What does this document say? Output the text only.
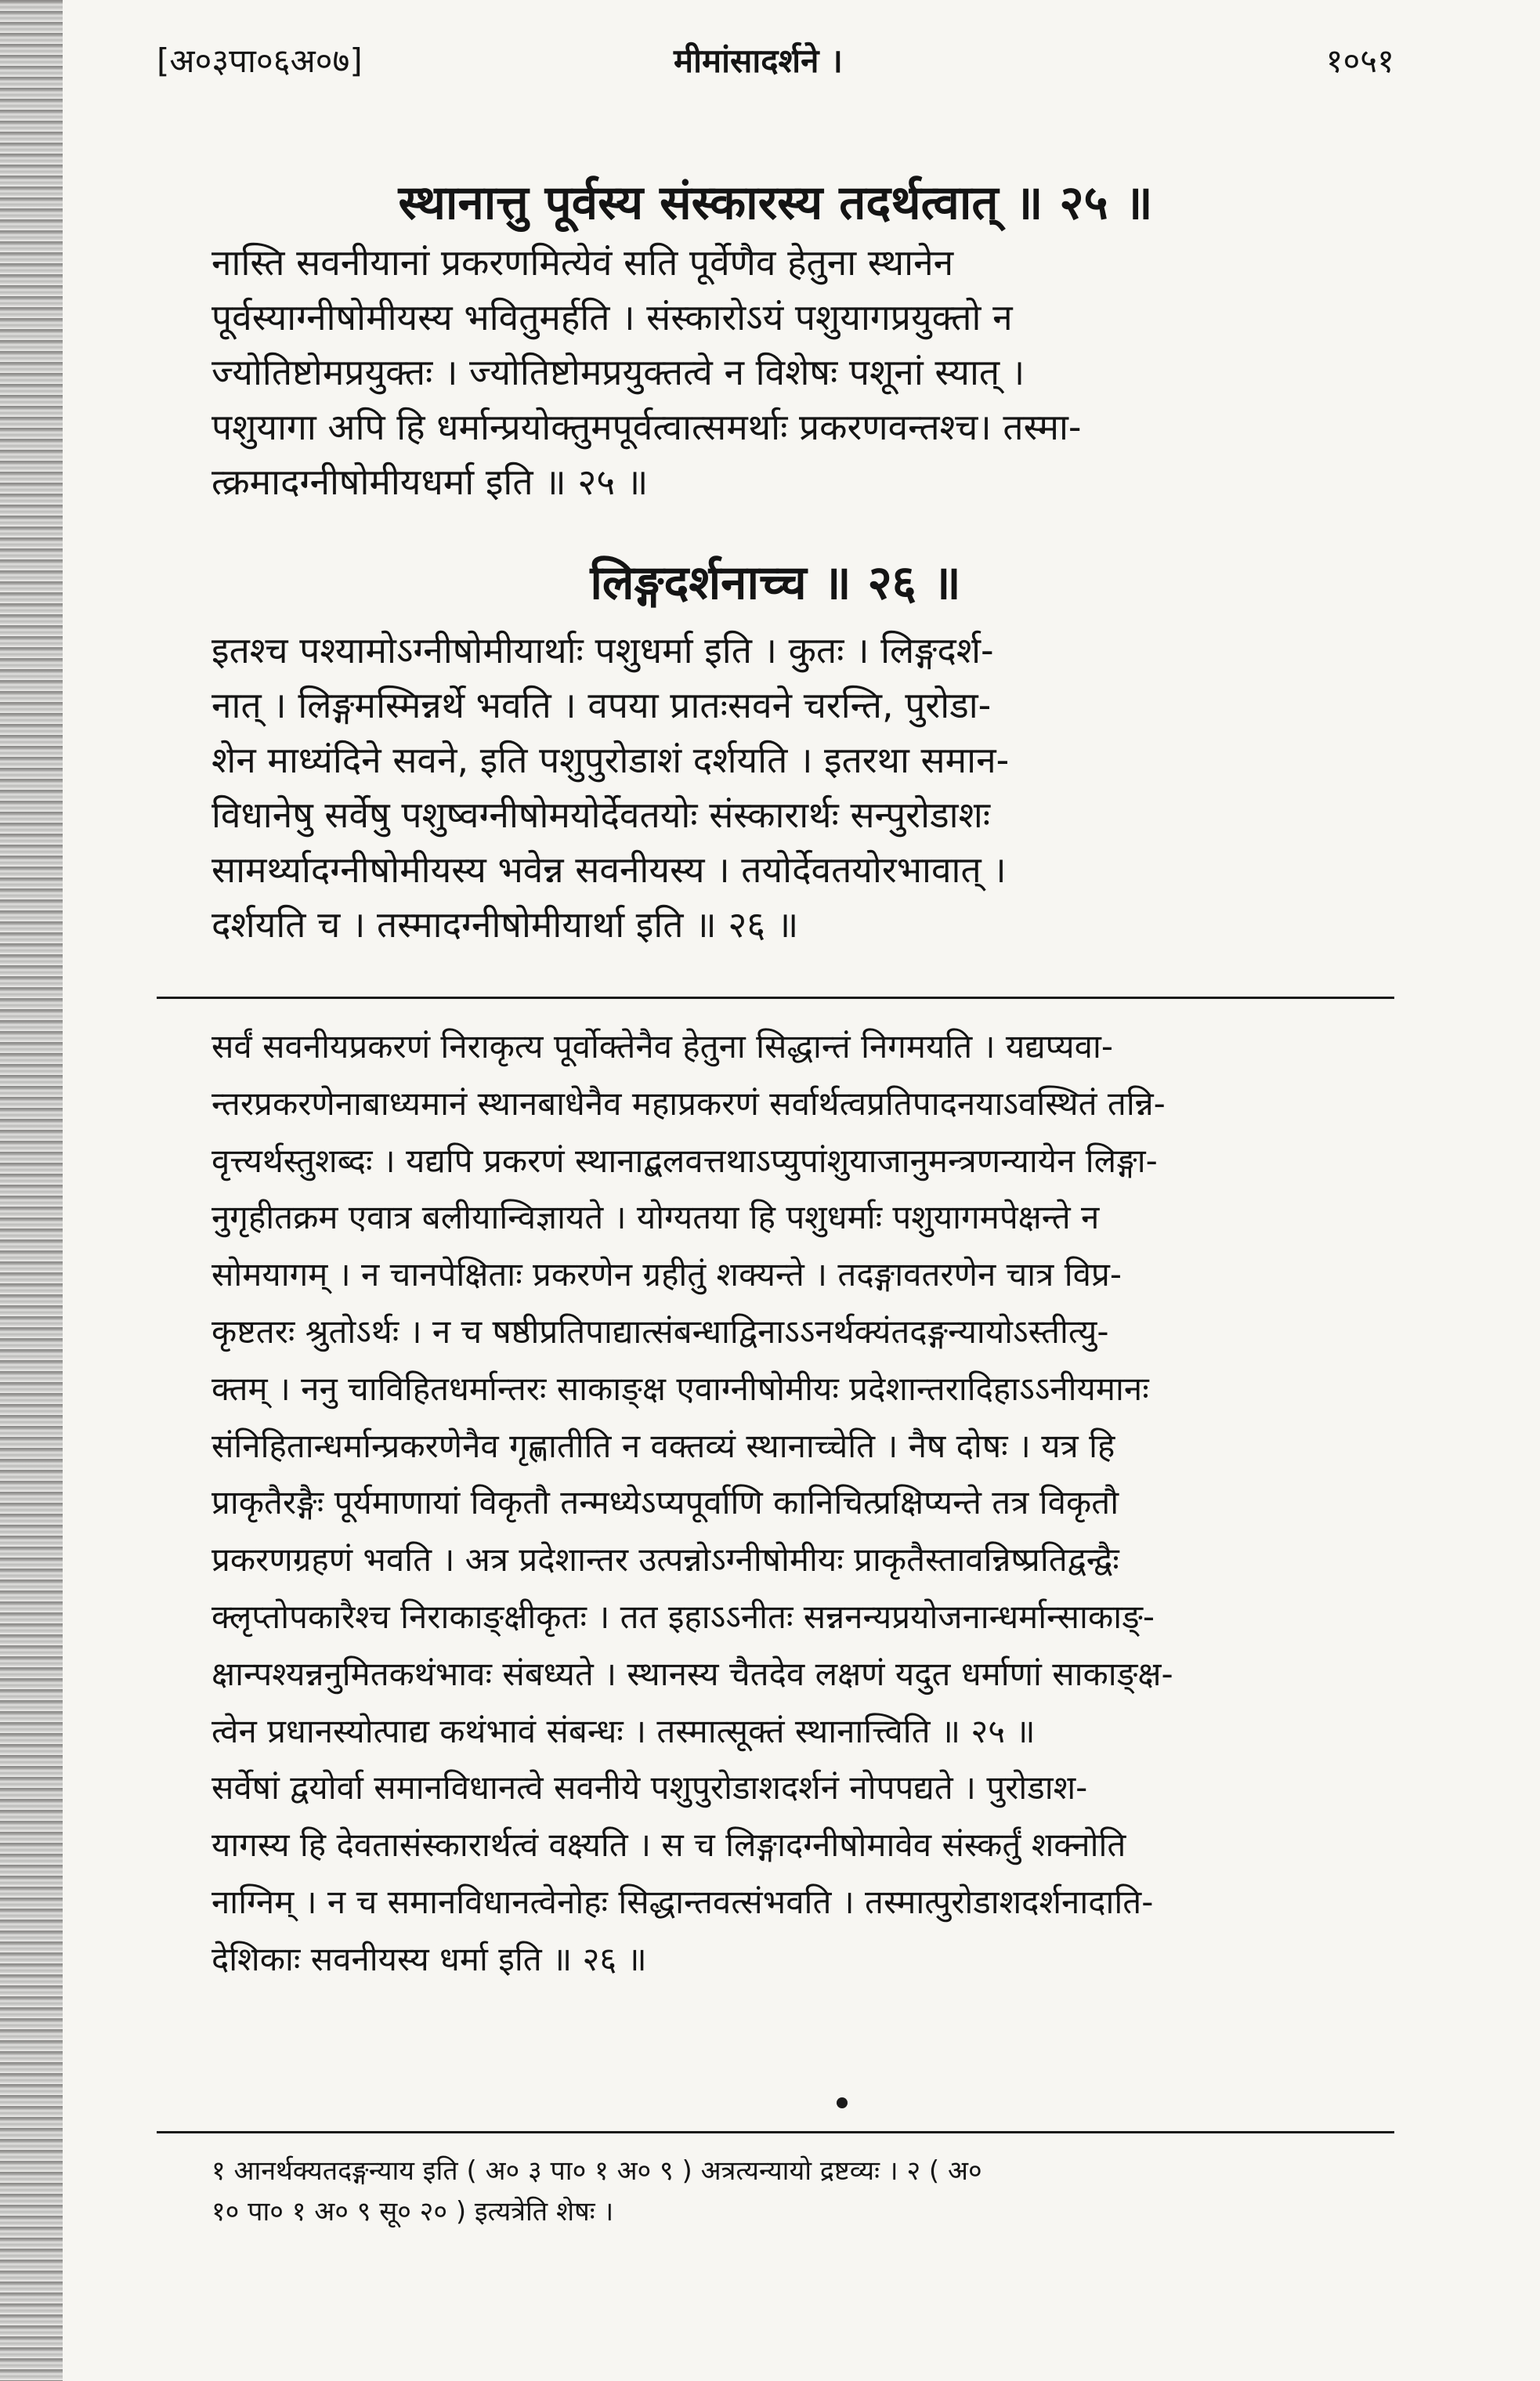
[अ०३पा०६अ०७]	मीमांसादर्शने ।	१०५१
स्थानात्तु पूर्वस्य संस्कारस्य तदर्थत्वात् ॥ २५ ॥
नास्ति सवनीयानां प्रकरणमित्येवं सति पूर्वेणैव हेतुना स्थानेन
पूर्वस्याग्नीषोमीयस्य भवितुमर्हति । संस्कारोऽयं पशुयागप्रयुक्तो न
ज्योतिष्टोमप्रयुक्तः । ज्योतिष्टोमप्रयुक्तत्वे न विशेषः पशूनां स्यात् ।
पशुयागा अपि हि धर्मान्प्रयोक्तुमपूर्वत्वात्समर्थाः प्रकरणवन्तश्च। तस्मा-
त्क्रमादग्नीषोमीयधर्मा इति ॥ २५ ॥
लिङ्गदर्शनाच्च ॥ २६ ॥
इतश्च पश्यामोऽग्नीषोमीयार्थाः पशुधर्मा इति । कुतः । लिङ्गदर्श-
नात् । लिङ्गमस्मिन्नर्थे भवति । वपया प्रातःसवने चरन्ति, पुरोडा-
शेन माध्यंदिने सवने, इति पशुपुरोडाशं दर्शयति । इतरथा समान-
विधानेषु सर्वेषु पशुष्वग्नीषोमयोर्देवतयोः संस्कारार्थः सन्पुरोडाशः
सामर्थ्यादग्नीषोमीयस्य भवेन्न सवनीयस्य । तयोर्देवतयोरभावात् ।
दर्शयति च । तस्मादग्नीषोमीयार्था इति ॥ २६ ॥
सर्वं सवनीयप्रकरणं निराकृत्य पूर्वोक्तेनैव हेतुना सिद्धान्तं निगमयति । यद्यप्यवा-
न्तरप्रकरणेनाबाध्यमानं स्थानबाधेनैव महाप्रकरणं सर्वार्थत्वप्रतिपादनयाऽवस्थितं तन्नि-
वृत्त्यर्थस्तुशब्दः । यद्यपि प्रकरणं स्थानाद्बलवत्तथाऽप्युपांशुयाजानुमन्त्रणन्यायेन लिङ्गा-
नुगृहीतक्रम एवात्र बलीयान्विज्ञायते । योग्यतया हि पशुधर्माः पशुयागमपेक्षन्ते न
सोमयागम् । न चानपेक्षिताः प्रकरणेन ग्रहीतुं शक्यन्ते । तदङ्गावतरणेन चात्र विप्र-
कृष्टतरः श्रुतोऽर्थः । न च षष्ठीप्रतिपाद्यात्संबन्धाद्विनाऽऽनर्थक्यंतदङ्गन्यायोऽस्तीत्यु-
क्तम् । ननु चाविहितधर्मान्तरः साकाङ्क्ष एवाग्नीषोमीयः प्रदेशान्तरादिहाऽऽनीयमानः
संनिहितान्धर्मान्प्रकरणेनैव गृह्णातीति न वक्तव्यं स्थानाच्चेति । नैष दोषः । यत्र हि
प्राकृतैरङ्गैः पूर्यमाणायां विकृतौ तन्मध्येऽप्यपूर्वाणि कानिचित्प्रक्षिप्यन्ते तत्र विकृतौ
प्रकरणग्रहणं भवति । अत्र प्रदेशान्तर उत्पन्नोऽग्नीषोमीयः प्राकृतैस्तावन्निष्प्रतिद्वन्द्वैः
क्लृप्तोपकारैश्च निराकाङ्क्षीकृतः । तत इहाऽऽनीतः सन्ननन्यप्रयोजनान्धर्मान्साकाङ्-
क्षान्पश्यन्ननुमितकथंभावः संबध्यते । स्थानस्य चैतदेव लक्षणं यदुत धर्माणां साकाङ्क्ष-
त्वेन प्रधानस्योत्पाद्य कथंभावं संबन्धः । तस्मात्सूक्तं स्थानात्त्विति ॥ २५ ॥
सर्वेषां द्वयोर्वा समानविधानत्वे सवनीये पशुपुरोडाशदर्शनं नोपपद्यते । पुरोडाश-
यागस्य हि देवतासंस्कारार्थत्वं वक्ष्यति । स च लिङ्गादग्नीषोमावेव संस्कर्तुं शक्नोति
नाग्निम् । न च समानविधानत्वेनोहः सिद्धान्तवत्संभवति । तस्मात्पुरोडाशदर्शनादाति-
देशिकाः सवनीयस्य धर्मा इति ॥ २६ ॥
१ आनर्थक्यतदङ्गन्याय इति ( अ० ३ पा० १ अ० ९ ) अत्रत्यन्यायो द्रष्टव्यः । २ ( अ०
१० पा० १ अ० ९ सू० २० ) इत्यत्रेति शेषः ।
